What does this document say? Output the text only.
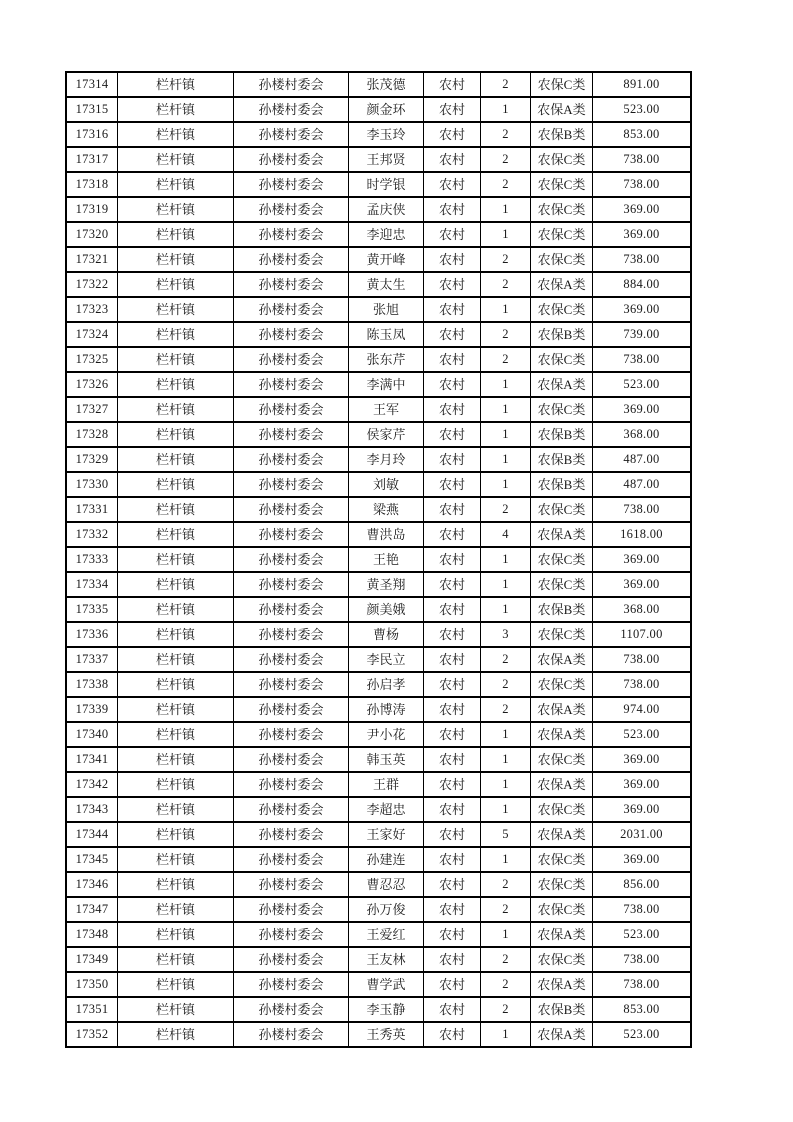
17314	栏杆镇	孙楼村委会	张茂德	农村	2	农保C类	891.00
17315	栏杆镇	孙楼村委会	颜金环	农村	1	农保A类	523.00
17316	栏杆镇	孙楼村委会	李玉玲	农村	2	农保B类	853.00
17317	栏杆镇	孙楼村委会	王邦贤	农村	2	农保C类	738.00
17318	栏杆镇	孙楼村委会	时学银	农村	2	农保C类	738.00
17319	栏杆镇	孙楼村委会	孟庆侠	农村	1	农保C类	369.00
17320	栏杆镇	孙楼村委会	李迎忠	农村	1	农保C类	369.00
17321	栏杆镇	孙楼村委会	黄开峰	农村	2	农保C类	738.00
17322	栏杆镇	孙楼村委会	黄太生	农村	2	农保A类	884.00
17323	栏杆镇	孙楼村委会	张旭	农村	1	农保C类	369.00
17324	栏杆镇	孙楼村委会	陈玉凤	农村	2	农保B类	739.00
17325	栏杆镇	孙楼村委会	张东芹	农村	2	农保C类	738.00
17326	栏杆镇	孙楼村委会	李满中	农村	1	农保A类	523.00
17327	栏杆镇	孙楼村委会	王军	农村	1	农保C类	369.00
17328	栏杆镇	孙楼村委会	侯家芹	农村	1	农保B类	368.00
17329	栏杆镇	孙楼村委会	李月玲	农村	1	农保B类	487.00
17330	栏杆镇	孙楼村委会	刘敏	农村	1	农保B类	487.00
17331	栏杆镇	孙楼村委会	梁燕	农村	2	农保C类	738.00
17332	栏杆镇	孙楼村委会	曹洪岛	农村	4	农保A类	1618.00
17333	栏杆镇	孙楼村委会	王艳	农村	1	农保C类	369.00
17334	栏杆镇	孙楼村委会	黄圣翔	农村	1	农保C类	369.00
17335	栏杆镇	孙楼村委会	颜美娥	农村	1	农保B类	368.00
17336	栏杆镇	孙楼村委会	曹杨	农村	3	农保C类	1107.00
17337	栏杆镇	孙楼村委会	李民立	农村	2	农保A类	738.00
17338	栏杆镇	孙楼村委会	孙启孝	农村	2	农保C类	738.00
17339	栏杆镇	孙楼村委会	孙博涛	农村	2	农保A类	974.00
17340	栏杆镇	孙楼村委会	尹小花	农村	1	农保A类	523.00
17341	栏杆镇	孙楼村委会	韩玉英	农村	1	农保C类	369.00
17342	栏杆镇	孙楼村委会	王群	农村	1	农保A类	369.00
17343	栏杆镇	孙楼村委会	李超忠	农村	1	农保C类	369.00
17344	栏杆镇	孙楼村委会	王家好	农村	5	农保A类	2031.00
17345	栏杆镇	孙楼村委会	孙建连	农村	1	农保C类	369.00
17346	栏杆镇	孙楼村委会	曹忍忍	农村	2	农保C类	856.00
17347	栏杆镇	孙楼村委会	孙万俊	农村	2	农保C类	738.00
17348	栏杆镇	孙楼村委会	王爱红	农村	1	农保A类	523.00
17349	栏杆镇	孙楼村委会	王友林	农村	2	农保C类	738.00
17350	栏杆镇	孙楼村委会	曹学武	农村	2	农保A类	738.00
17351	栏杆镇	孙楼村委会	李玉静	农村	2	农保B类	853.00
17352	栏杆镇	孙楼村委会	王秀英	农村	1	农保A类	523.00
